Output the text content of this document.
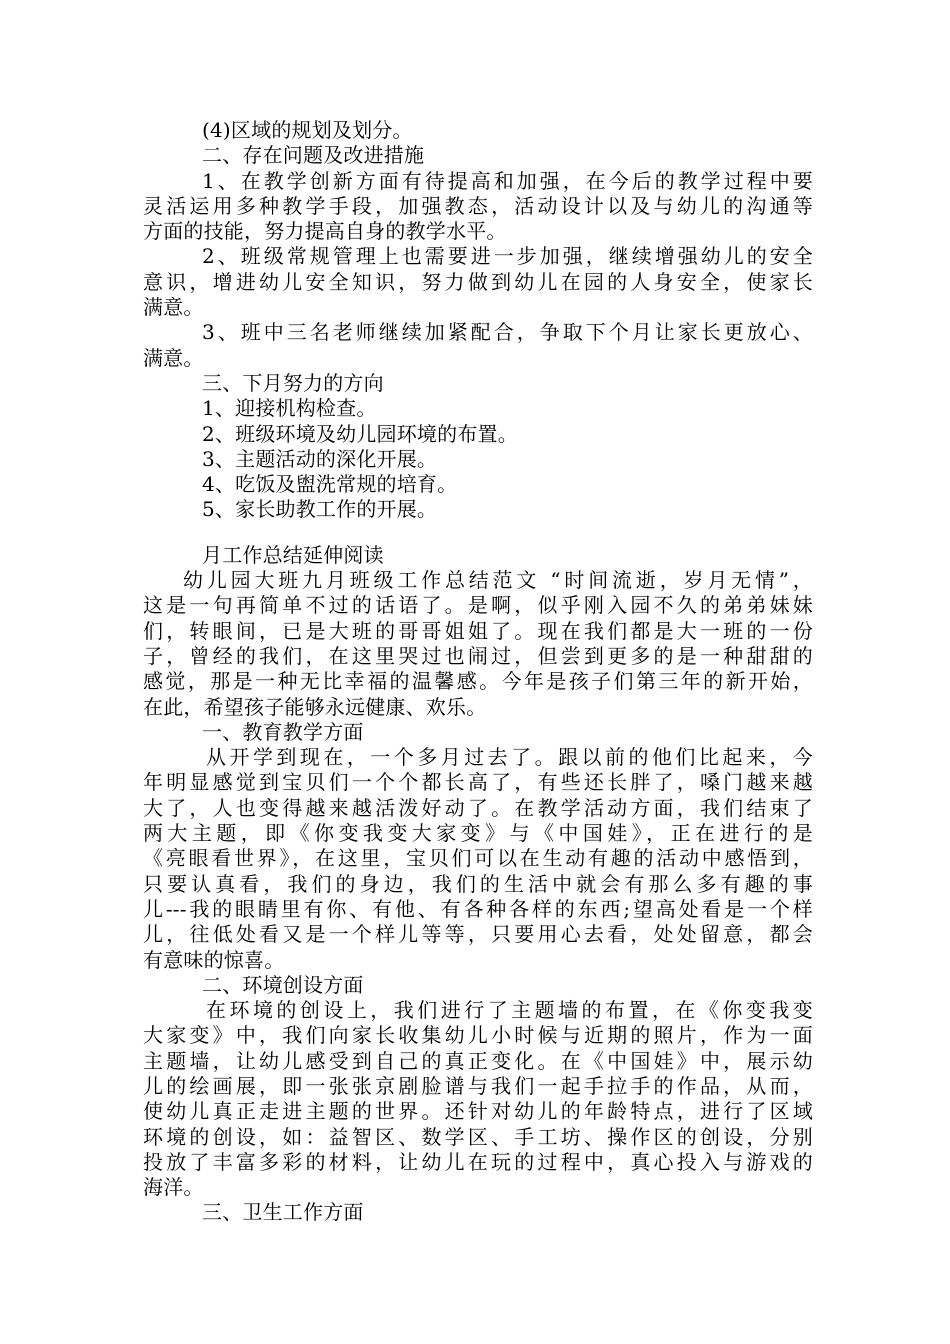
(4)区域的规划及划分。
二、存在问题及改进措施
1、在教学创新方面有待提高和加强，在今后的教学过程中要
灵活运用多种教学手段，加强教态，活动设计以及与幼儿的沟通等
方面的技能，努力提高自身的教学水平。
2、班级常规管理上也需要进一步加强，继续增强幼儿的安全
意识，增进幼儿安全知识，努力做到幼儿在园的人身安全，使家长
满意。
3、班中三名老师继续加紧配合，争取下个月让家长更放心、
满意。
三、下月努力的方向
1、迎接机构检查。
2、班级环境及幼儿园环境的布置。
3、主题活动的深化开展。
4、吃饭及盥洗常规的培育。
5、家长助教工作的开展。
月工作总结延伸阅读
幼儿园大班九月班级工作总结范文 “时间流逝，岁月无情”，
这是一句再简单不过的话语了。是啊，似乎刚入园不久的弟弟妹妹
们，转眼间，已是大班的哥哥姐姐了。现在我们都是大一班的一份
子，曾经的我们，在这里哭过也闹过，但尝到更多的是一种甜甜的
感觉，那是一种无比幸福的温馨感。今年是孩子们第三年的新开始，
在此，希望孩子能够永远健康、欢乐。
一、教育教学方面
从开学到现在，一个多月过去了。跟以前的他们比起来，今
年明显感觉到宝贝们一个个都长高了，有些还长胖了，嗓门越来越
大了，人也变得越来越活泼好动了。在教学活动方面，我们结束了
两大主题，即《你变我变大家变》与《中国娃》，正在进行的是
《亮眼看世界》，在这里，宝贝们可以在生动有趣的活动中感悟到，
只要认真看，我们的身边，我们的生活中就会有那么多有趣的事
儿---我的眼睛里有你、有他、有各种各样的东西;望高处看是一个样
儿，往低处看又是一个样儿等等，只要用心去看，处处留意，都会
有意味的惊喜。
二、环境创设方面
在环境的创设上，我们进行了主题墙的布置，在《你变我变
大家变》中，我们向家长收集幼儿小时候与近期的照片，作为一面
主题墙，让幼儿感受到自己的真正变化。在《中国娃》中，展示幼
儿的绘画展，即一张张京剧脸谱与我们一起手拉手的作品，从而，
使幼儿真正走进主题的世界。还针对幼儿的年龄特点，进行了区域
环境的创设，如：益智区、数学区、手工坊、操作区的创设，分别
投放了丰富多彩的材料，让幼儿在玩的过程中，真心投入与游戏的
海洋。
三、卫生工作方面
